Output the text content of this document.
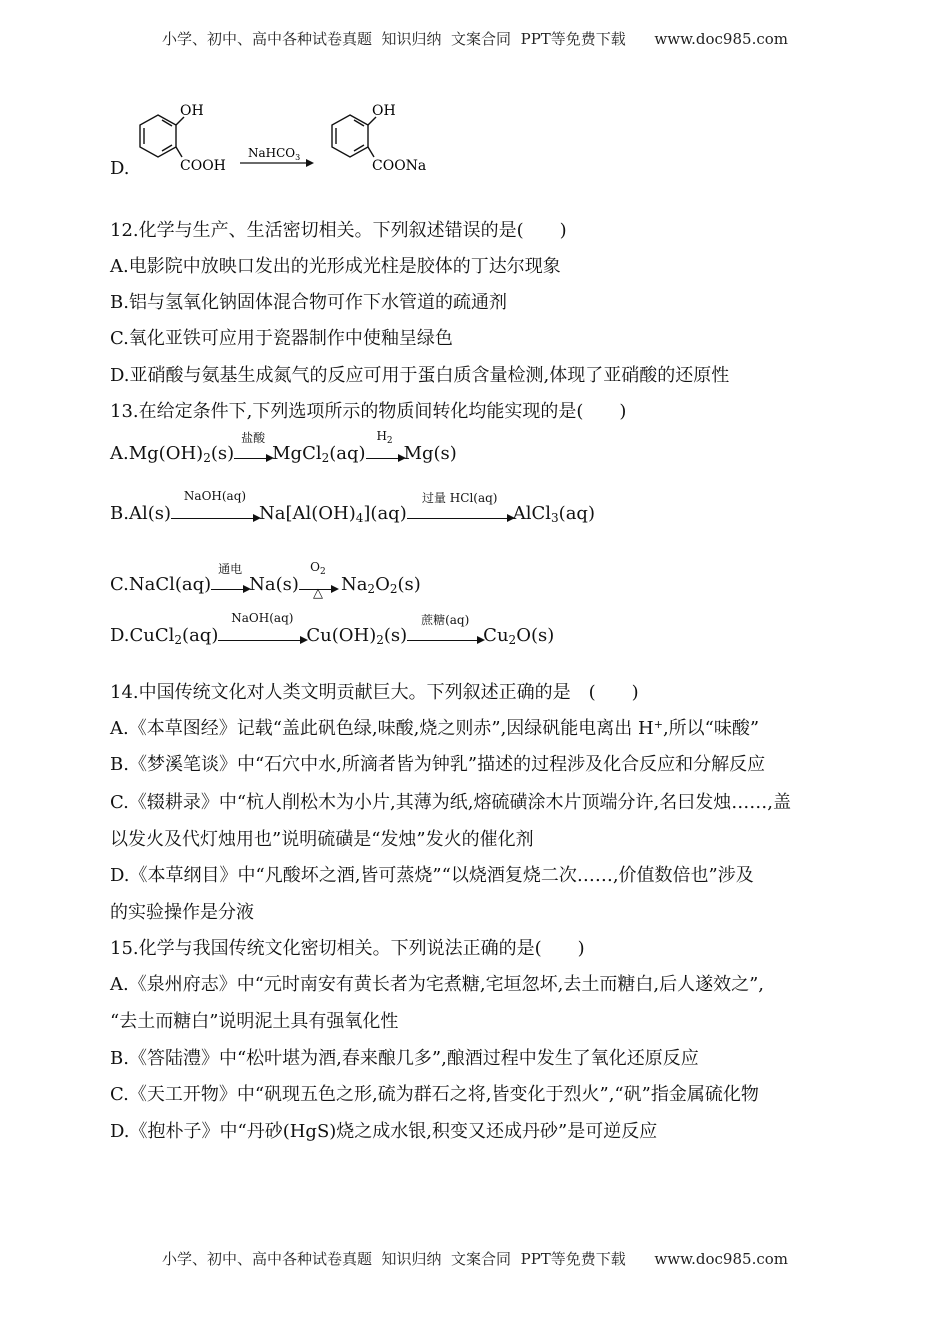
小学、初中、高中各种试卷真题  知识归纳  文案合同  PPT等免费下载      www.doc985.com
D.
OH
COOH
NaHCO$_3$
OH
COONa
12.化学与生产、生活密切相关。下列叙述错误的是(　　)
A.电影院中放映口发出的光形成光柱是胶体的丁达尔现象
B.铝与氢氧化钠固体混合物可作下水管道的疏通剂
C.氧化亚铁可应用于瓷器制作中使釉呈绿色
D.亚硝酸与氨基生成氮气的反应可用于蛋白质含量检测,体现了亚硝酸的还原性
13.在给定条件下,下列选项所示的物质间转化均能实现的是(　　)
$A.Mg(OH)_2(s)$
盐酸
MgCl$_2$(aq)
$H_2$
Mg(s)
B.Al(s)
NaOH(aq)
$Na[Al(OH)_4](aq)$
过量 HCl(aq)
AlCl$_3$(aq)
C.NaCl(aq)
通电
Na(s)
$O_2$
△	$Na_2O_2(s)$
D.CuCl$_2$(aq)
NaOH(aq)
$Cu(OH)_2(s)$
蔗糖(aq)
$Cu_2O(s)$
14.中国传统文化对人类文明贡献巨大。下列叙述正确的是　(　　)
A.《本草图经》记载“盖此矾色绿,味酸,烧之则赤”,因绿矾能电离出 H+,所以“味酸”
B.《梦溪笔谈》中“石穴中水,所滴者皆为钟乳”描述的过程涉及化合反应和分解反应
C.《辍耕录》中“杭人削松木为小片,其薄为纸,熔硫磺涂木片顶端分许,名曰发烛……,盖
以发火及代灯烛用也”说明硫磺是“发烛”发火的催化剂
D.《本草纲目》中“凡酸坏之酒,皆可蒸烧”“以烧酒复烧二次……,价值数倍也”涉及
的实验操作是分液
15.化学与我国传统文化密切相关。下列说法正确的是(　　)
A.《泉州府志》中“元时南安有黄长者为宅煮糖,宅垣忽坏,去土而糖白,后人遂效之”,
“去土而糖白”说明泥土具有强氧化性
B.《答陆澧》中“松叶堪为酒,春来酿几多”,酿酒过程中发生了氧化还原反应
C.《天工开物》中“矾现五色之形,硫为群石之将,皆变化于烈火”,“矾”指金属硫化物
D.《抱朴子》中“丹砂(HgS)烧之成水银,积变又还成丹砂”是可逆反应
小学、初中、高中各种试卷真题  知识归纳  文案合同  PPT等免费下载      www.doc985.com
